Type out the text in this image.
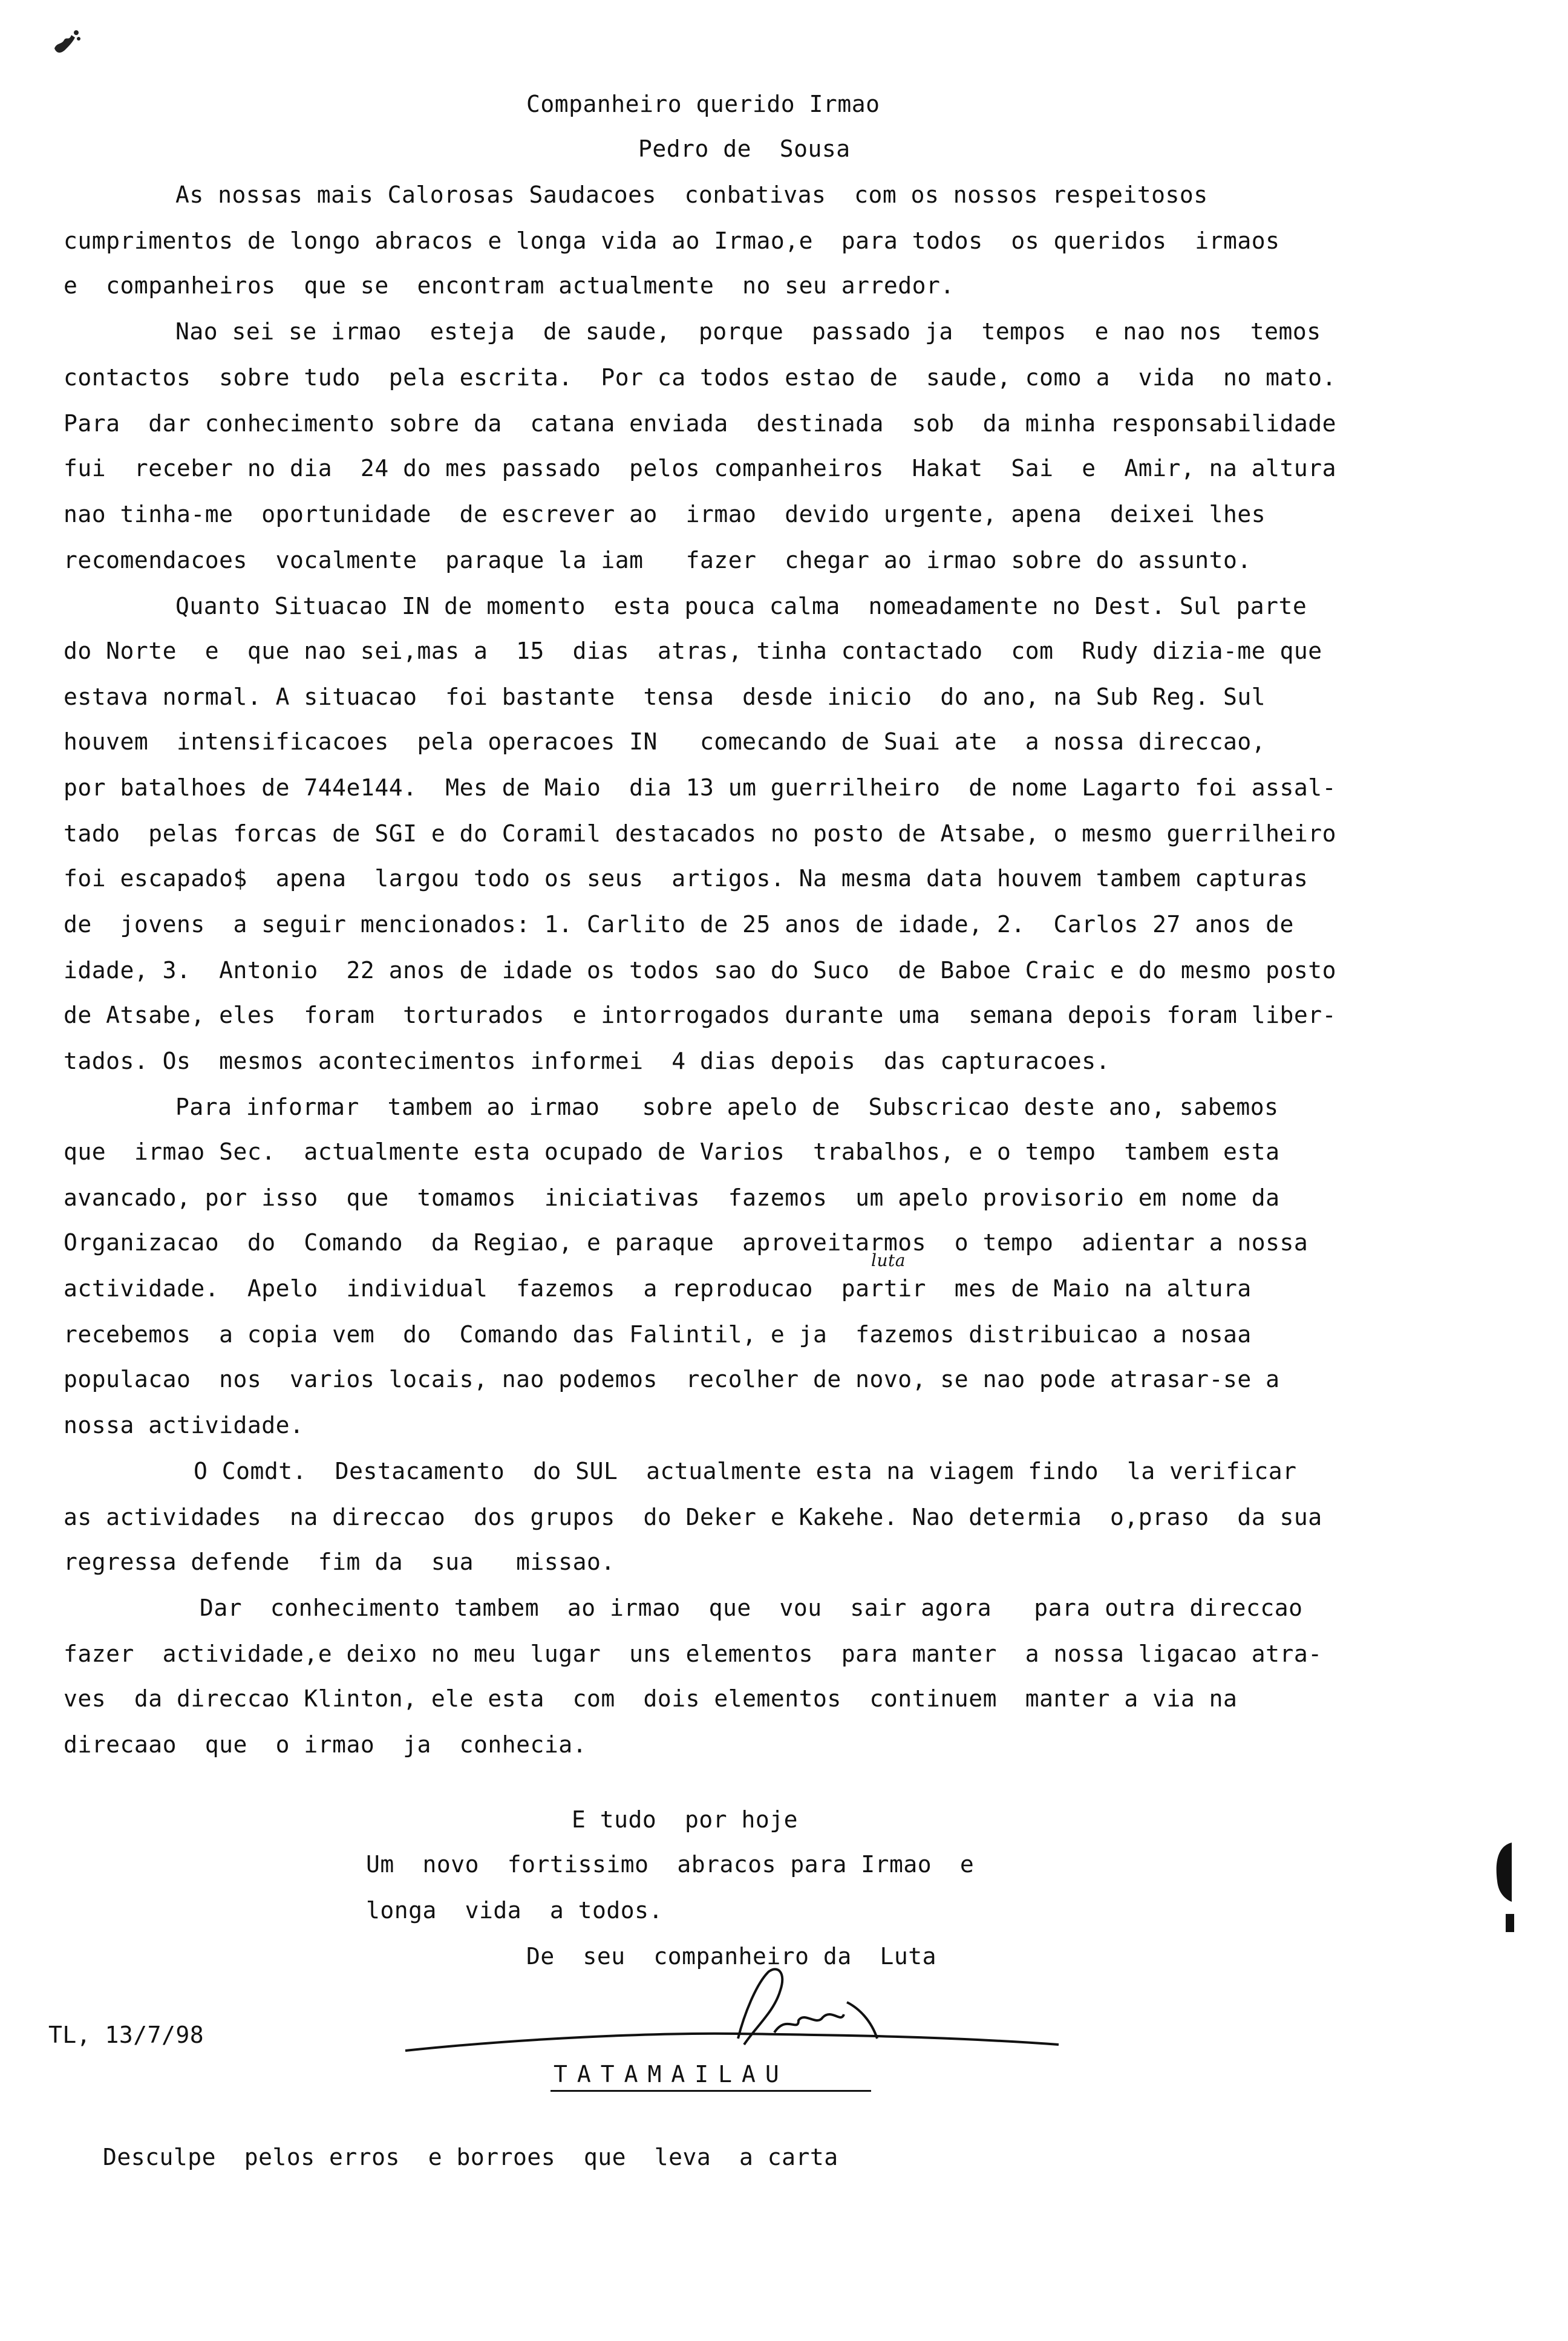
Companheiro querido Irmao
Pedro de  Sousa
As nossas mais Calorosas Saudacoes  conbativas  com os nossos respeitosos
cumprimentos de longo abracos e longa vida ao Irmao,e  para todos  os queridos  irmaos
e  companheiros  que se  encontram actualmente  no seu arredor.
Nao sei se irmao  esteja  de saude,  porque  passado ja  tempos  e nao nos  temos
contactos  sobre tudo  pela escrita.  Por ca todos estao de  saude, como a  vida  no mato.
Para  dar conhecimento sobre da  catana enviada  destinada  sob  da minha responsabilidade
fui  receber no dia  24 do mes passado  pelos companheiros  Hakat  Sai  e  Amir, na altura
nao tinha-me  oportunidade  de escrever ao  irmao  devido urgente, apena  deixei lhes
recomendacoes  vocalmente  paraque la iam   fazer  chegar ao irmao sobre do assunto.
Quanto Situacao IN de momento  esta pouca calma  nomeadamente no Dest. Sul parte
do Norte  e  que nao sei,mas a  15  dias  atras, tinha contactado  com  Rudy dizia-me que
estava normal. A situacao  foi bastante  tensa  desde inicio  do ano, na Sub Reg. Sul
houvem  intensificacoes  pela operacoes IN   comecando de Suai ate  a nossa direccao,
por batalhoes de 744e144.  Mes de Maio  dia 13 um guerrilheiro  de nome Lagarto foi assal-
tado  pelas forcas de SGI e do Coramil destacados no posto de Atsabe, o mesmo guerrilheiro
foi escapado$  apena  largou todo os seus  artigos. Na mesma data houvem tambem capturas
de  jovens  a seguir mencionados: 1. Carlito de 25 anos de idade, 2.  Carlos 27 anos de
idade, 3.  Antonio  22 anos de idade os todos sao do Suco  de Baboe Craic e do mesmo posto
de Atsabe, eles  foram  torturados  e intorrogados durante uma  semana depois foram liber-
tados. Os  mesmos acontecimentos informei  4 dias depois  das capturacoes.
Para informar  tambem ao irmao   sobre apelo de  Subscricao deste ano, sabemos
que  irmao Sec.  actualmente esta ocupado de Varios  trabalhos, e o tempo  tambem esta
avancado, por isso  que  tomamos  iniciativas  fazemos  um apelo provisorio em nome da
Organizacao  do  Comando  da Regiao, e paraque  aproveitarmos  o tempo  adientar a nossa
actividade.  Apelo  individual  fazemos  a reproducao  partir  mes de Maio na altura
luta
recebemos  a copia vem  do  Comando das Falintil, e ja  fazemos distribuicao a nosaa
populacao  nos  varios locais, nao podemos  recolher de novo, se nao pode atrasar-se a
nossa actividade.
O Comdt.  Destacamento  do SUL  actualmente esta na viagem findo  la verificar
as actividades  na direccao  dos grupos  do Deker e Kakehe. Nao determia  o,praso  da sua
regressa defende  fim da  sua   missao.
Dar  conhecimento tambem  ao irmao  que  vou  sair agora   para outra direccao
fazer  actividade,e deixo no meu lugar  uns elementos  para manter  a nossa ligacao atra-
ves  da direccao Klinton, ele esta  com  dois elementos  continuem  manter a via na
direcaao  que  o irmao  ja  conhecia.
E tudo  por hoje
Um  novo  fortissimo  abracos para Irmao  e
longa  vida  a todos.
De  seu  companheiro da  Luta
TL, 13/7/98
TATAMAILAU
Desculpe  pelos erros  e borroes  que  leva  a carta
